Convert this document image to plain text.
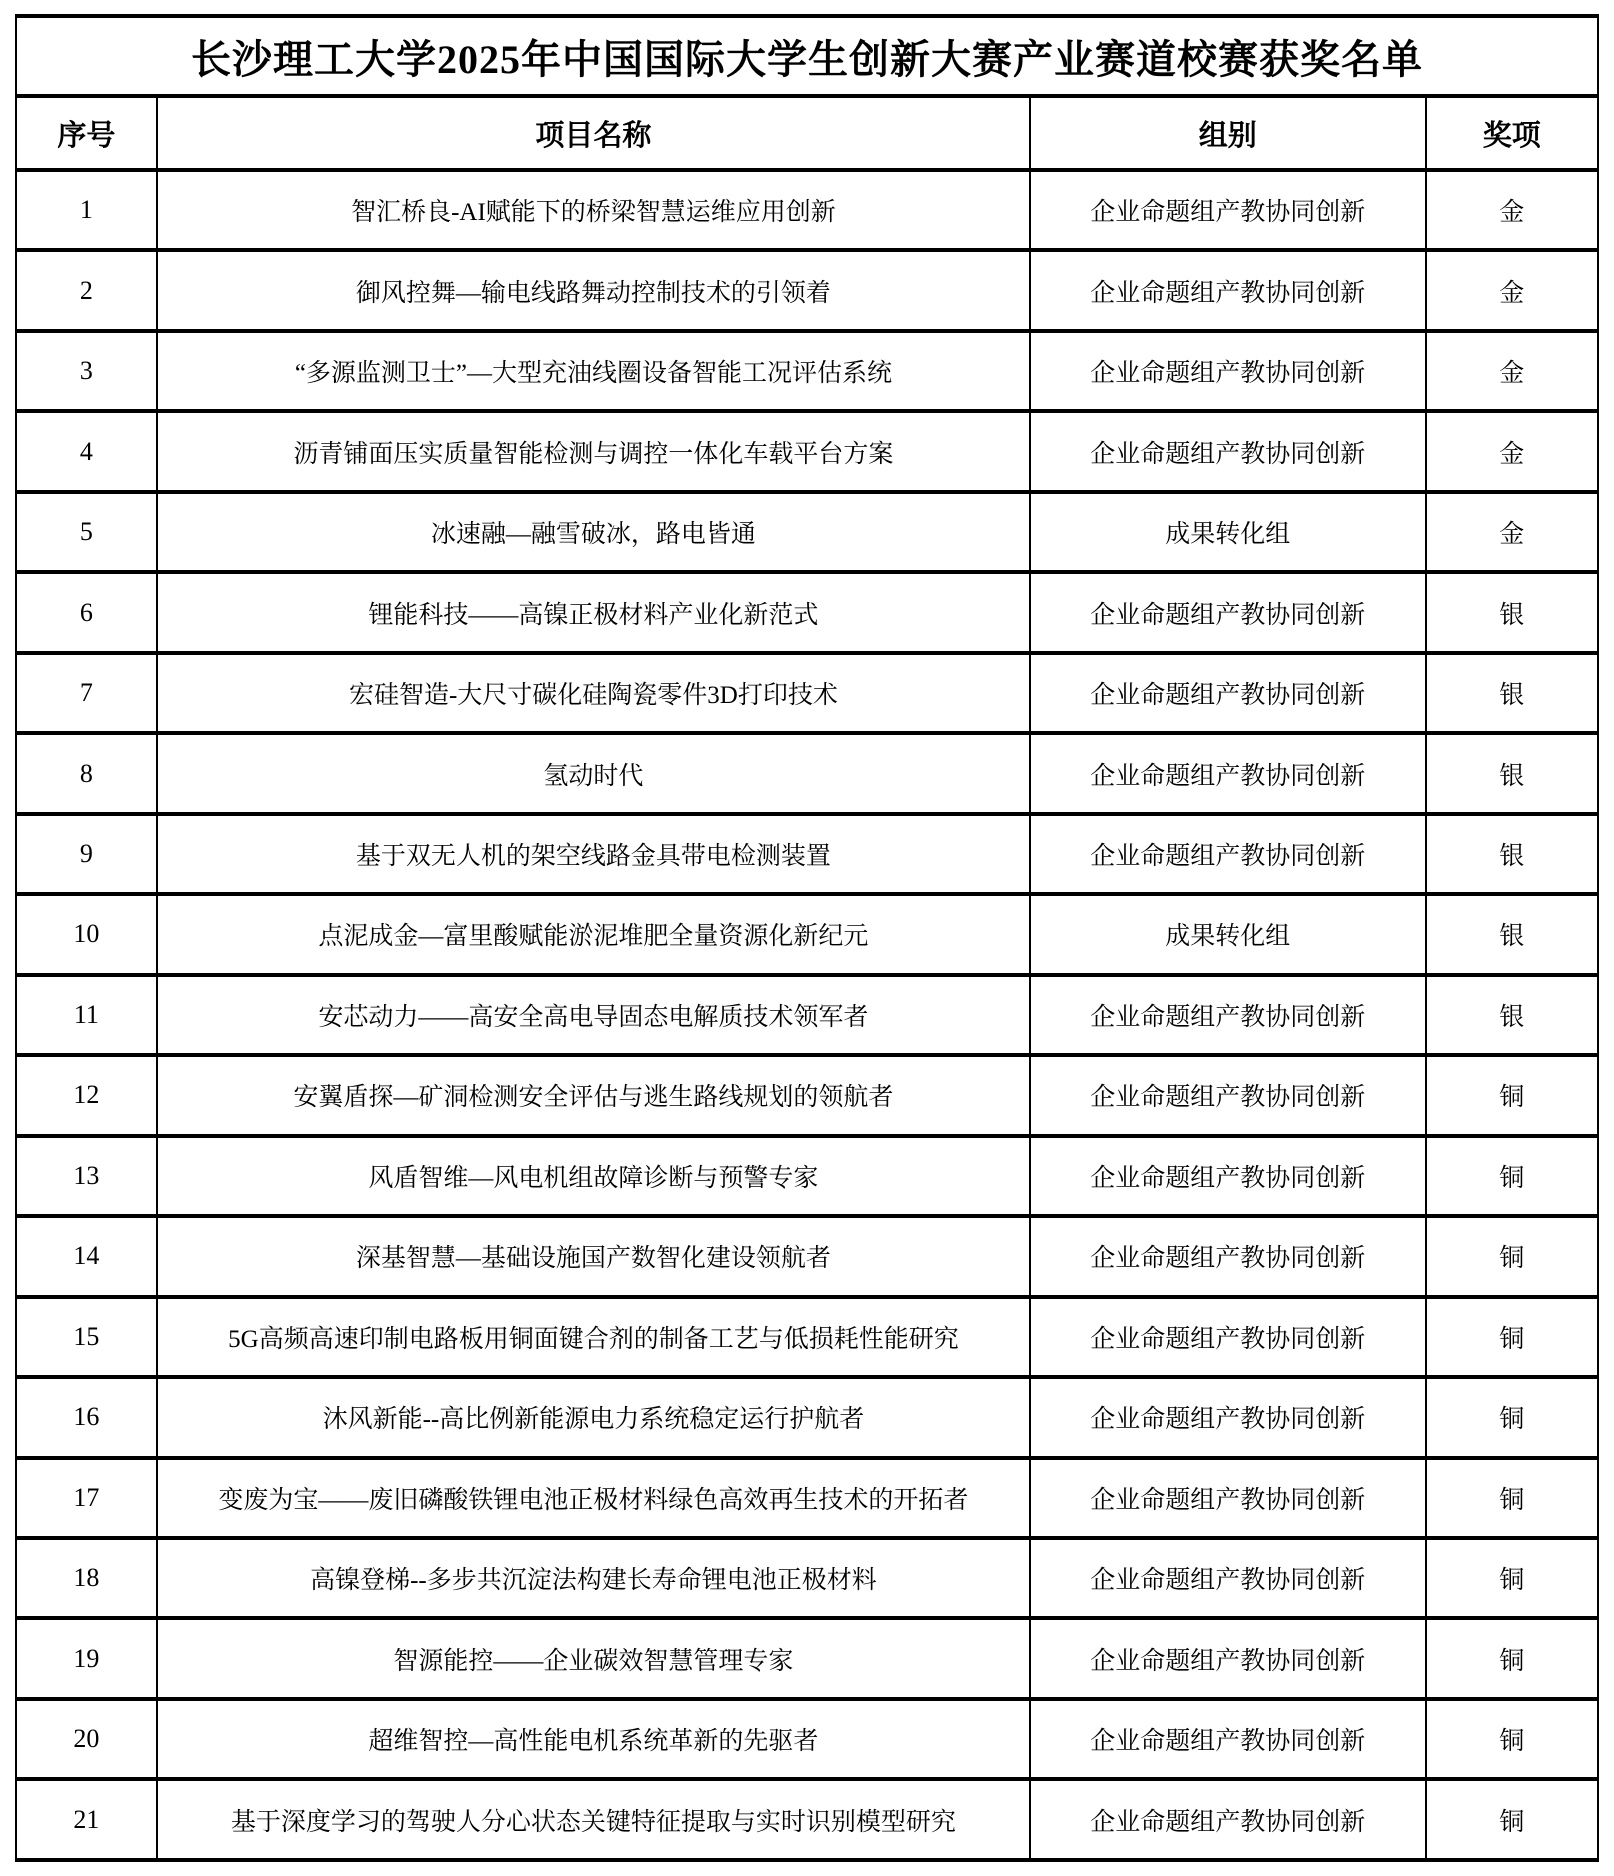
长沙理工大学2025年中国国际大学生创新大赛产业赛道校赛获奖名单			
序号	项目名称	组别	奖项
1	智汇桥良-AI赋能下的桥梁智慧运维应用创新	企业命题组产教协同创新	金
2	御风控舞—输电线路舞动控制技术的引领着	企业命题组产教协同创新	金
3	“多源监测卫士”—大型充油线圈设备智能工况评估系统	企业命题组产教协同创新	金
4	沥青铺面压实质量智能检测与调控一体化车载平台方案	企业命题组产教协同创新	金
5	冰速融—融雪破冰，路电皆通	成果转化组	金
6	锂能科技——高镍正极材料产业化新范式	企业命题组产教协同创新	银
7	宏硅智造-大尺寸碳化硅陶瓷零件3D打印技术	企业命题组产教协同创新	银
8	氢动时代	企业命题组产教协同创新	银
9	基于双无人机的架空线路金具带电检测装置	企业命题组产教协同创新	银
10	点泥成金—富里酸赋能淤泥堆肥全量资源化新纪元	成果转化组	银
11	安芯动力——高安全高电导固态电解质技术领军者	企业命题组产教协同创新	银
12	安翼盾探—矿洞检测安全评估与逃生路线规划的领航者	企业命题组产教协同创新	铜
13	风盾智维—风电机组故障诊断与预警专家	企业命题组产教协同创新	铜
14	深基智慧—基础设施国产数智化建设领航者	企业命题组产教协同创新	铜
15	5G高频高速印制电路板用铜面键合剂的制备工艺与低损耗性能研究	企业命题组产教协同创新	铜
16	沐风新能--高比例新能源电力系统稳定运行护航者	企业命题组产教协同创新	铜
17	变废为宝——废旧磷酸铁锂电池正极材料绿色高效再生技术的开拓者	企业命题组产教协同创新	铜
18	高镍登梯--多步共沉淀法构建长寿命锂电池正极材料	企业命题组产教协同创新	铜
19	智源能控——企业碳效智慧管理专家	企业命题组产教协同创新	铜
20	超维智控—高性能电机系统革新的先驱者	企业命题组产教协同创新	铜
21	基于深度学习的驾驶人分心状态关键特征提取与实时识别模型研究	企业命题组产教协同创新	铜
